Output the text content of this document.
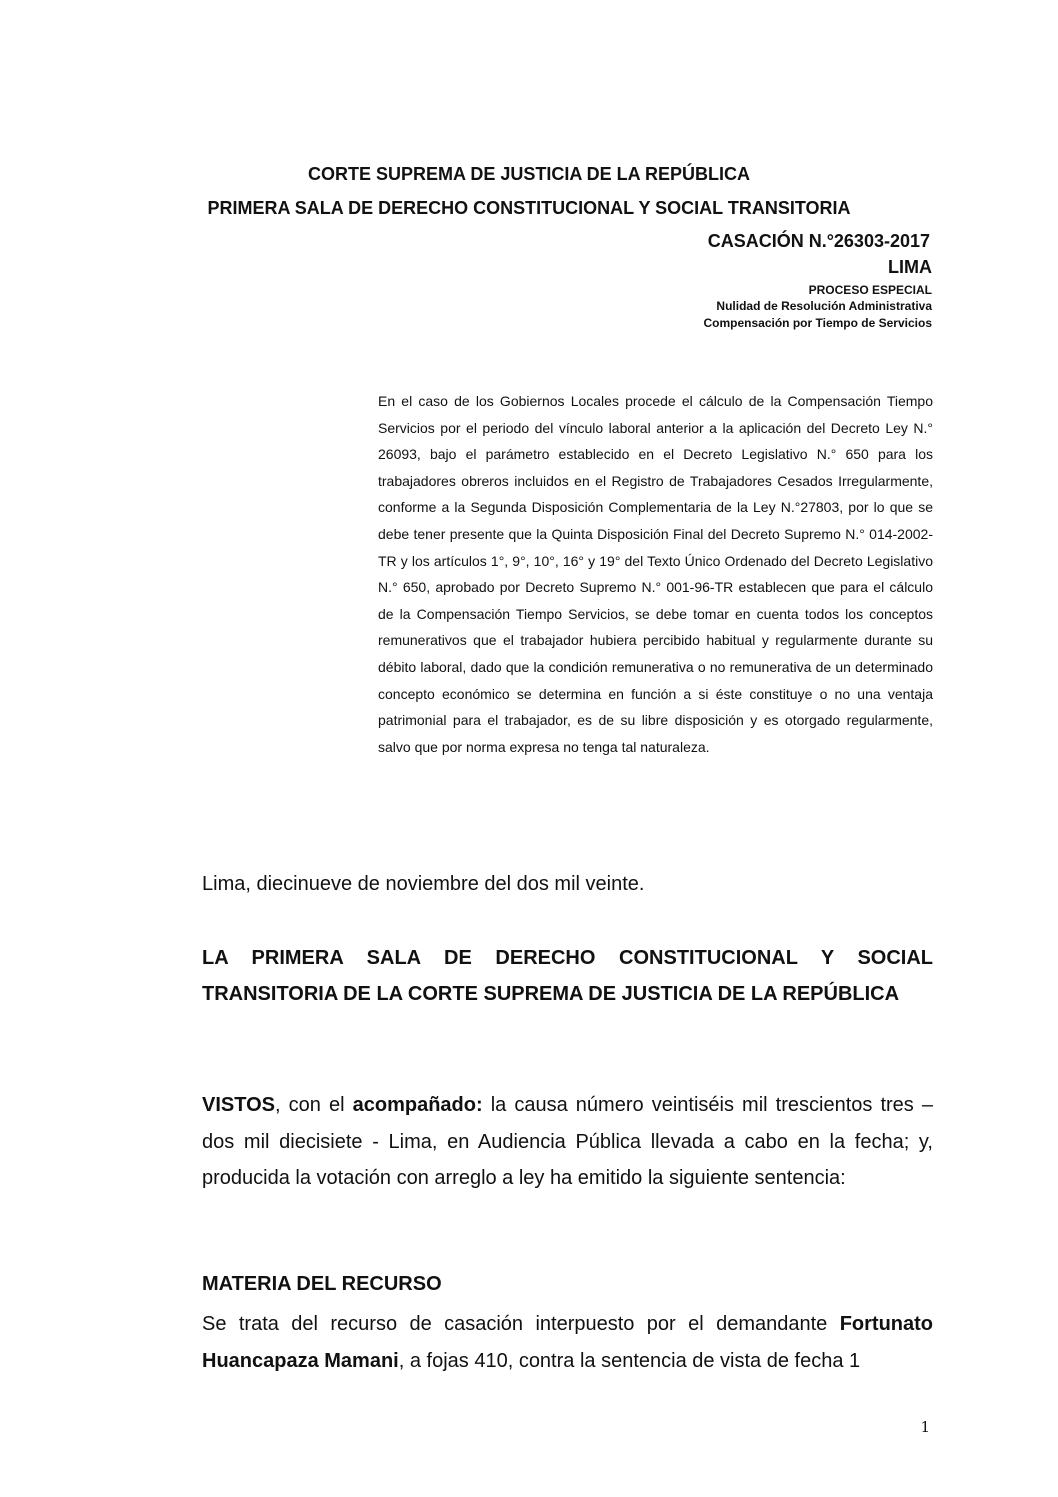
CORTE SUPREMA DE JUSTICIA DE LA REPÚBLICA
PRIMERA SALA DE DERECHO CONSTITUCIONAL Y SOCIAL TRANSITORIA
CASACIÓN N.°26303-2017
LIMA
PROCESO ESPECIAL
Nulidad de Resolución Administrativa
Compensación por Tiempo de Servicios

En el caso de los Gobiernos Locales procede el cálculo de la Compensación Tiempo Servicios por el periodo del vínculo laboral anterior a la aplicación del Decreto Ley N.° 26093, bajo el parámetro establecido en el Decreto Legislativo N.° 650 para los trabajadores obreros incluidos en el Registro de Trabajadores Cesados Irregularmente, conforme a la Segunda Disposición Complementaria de la Ley N.°27803, por lo que se debe tener presente que la Quinta Disposición Final del Decreto Supremo N.° 014-2002-TR y los artículos 1°, 9°, 10°, 16° y 19° del Texto Único Ordenado del Decreto Legislativo N.° 650, aprobado por Decreto Supremo N.° 001-96-TR establecen que para el cálculo de la Compensación Tiempo Servicios, se debe tomar en cuenta todos los conceptos remunerativos que el trabajador hubiera percibido habitual y regularmente durante su débito laboral, dado que la condición remunerativa o no remunerativa de un determinado concepto económico se determina en función a si éste constituye o no una ventaja patrimonial para el trabajador, es de su libre disposición y es otorgado regularmente, salvo que por norma expresa no tenga tal naturaleza.

Lima, diecinueve de noviembre del dos mil veinte.

LA PRIMERA SALA DE DERECHO CONSTITUCIONAL Y SOCIAL TRANSITORIA DE LA CORTE SUPREMA DE JUSTICIA DE LA REPÚBLICA

VISTOS, con el acompañado: la causa número veintiséis mil trescientos tres – dos mil diecisiete - Lima, en Audiencia Pública llevada a cabo en la fecha; y, producida la votación con arreglo a ley ha emitido la siguiente sentencia:

MATERIA DEL RECURSO

Se trata del recurso de casación interpuesto por el demandante Fortunato Huancapaza Mamani, a fojas 410, contra la sentencia de vista de fecha 1

1
